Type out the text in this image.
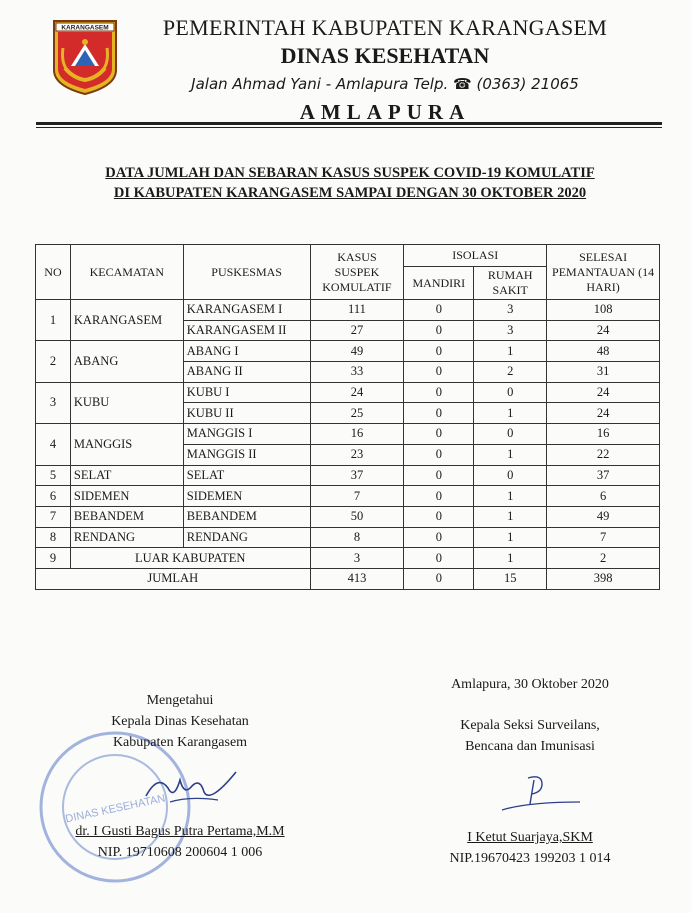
KARANGASEM	PEMERINTAH KABUPATEN KARANGASEM
DINAS KESEHATAN
Jalan Ahmad Yani - Amlapura Telp. ☎ (0363) 21065
AMLAPURA
DATA JUMLAH DAN SEBARAN KASUS SUSPEK COVID-19 KOMULATIF
DI KABUPATEN KARANGASEM SAMPAI DENGAN 30 OKTOBER 2020
NO	KECAMATAN	PUSKESMAS	KASUS SUSPEK KOMULATIF	ISOLASI		SELESAI PEMANTAUAN (14 HARI)
				MANDIRI	RUMAH SAKIT	
1	KARANGASEM	KARANGASEM I	111	0	3	108
		KARANGASEM II	27	0	3	24
2	ABANG	ABANG I	49	0	1	48
		ABANG II	33	0	2	31
3	KUBU	KUBU I	24	0	0	24
		KUBU II	25	0	1	24
4	MANGGIS	MANGGIS I	16	0	0	16
		MANGGIS II	23	0	1	22
5	SELAT	SELAT	37	0	0	37
6	SIDEMEN	SIDEMEN	7	0	1	6
7	BEBANDEM	BEBANDEM	50	0	1	49
8	RENDANG	RENDANG	8	0	1	7
9	LUAR KABUPATEN		3	0	1	2
JUMLAH			413	0	15	398
DINAS KESEHATAN
Mengetahui
Kepala Dinas Kesehatan
Kabupaten Karangasem
dr. I Gusti Bagus Putra Pertama,M.M
NIP. 19710608 200604 1 006
Amlapura, 30 Oktober 2020
Kepala Seksi Surveilans,
Bencana dan Imunisasi
I Ketut Suarjaya,SKM
NIP.19670423 199203 1 014
